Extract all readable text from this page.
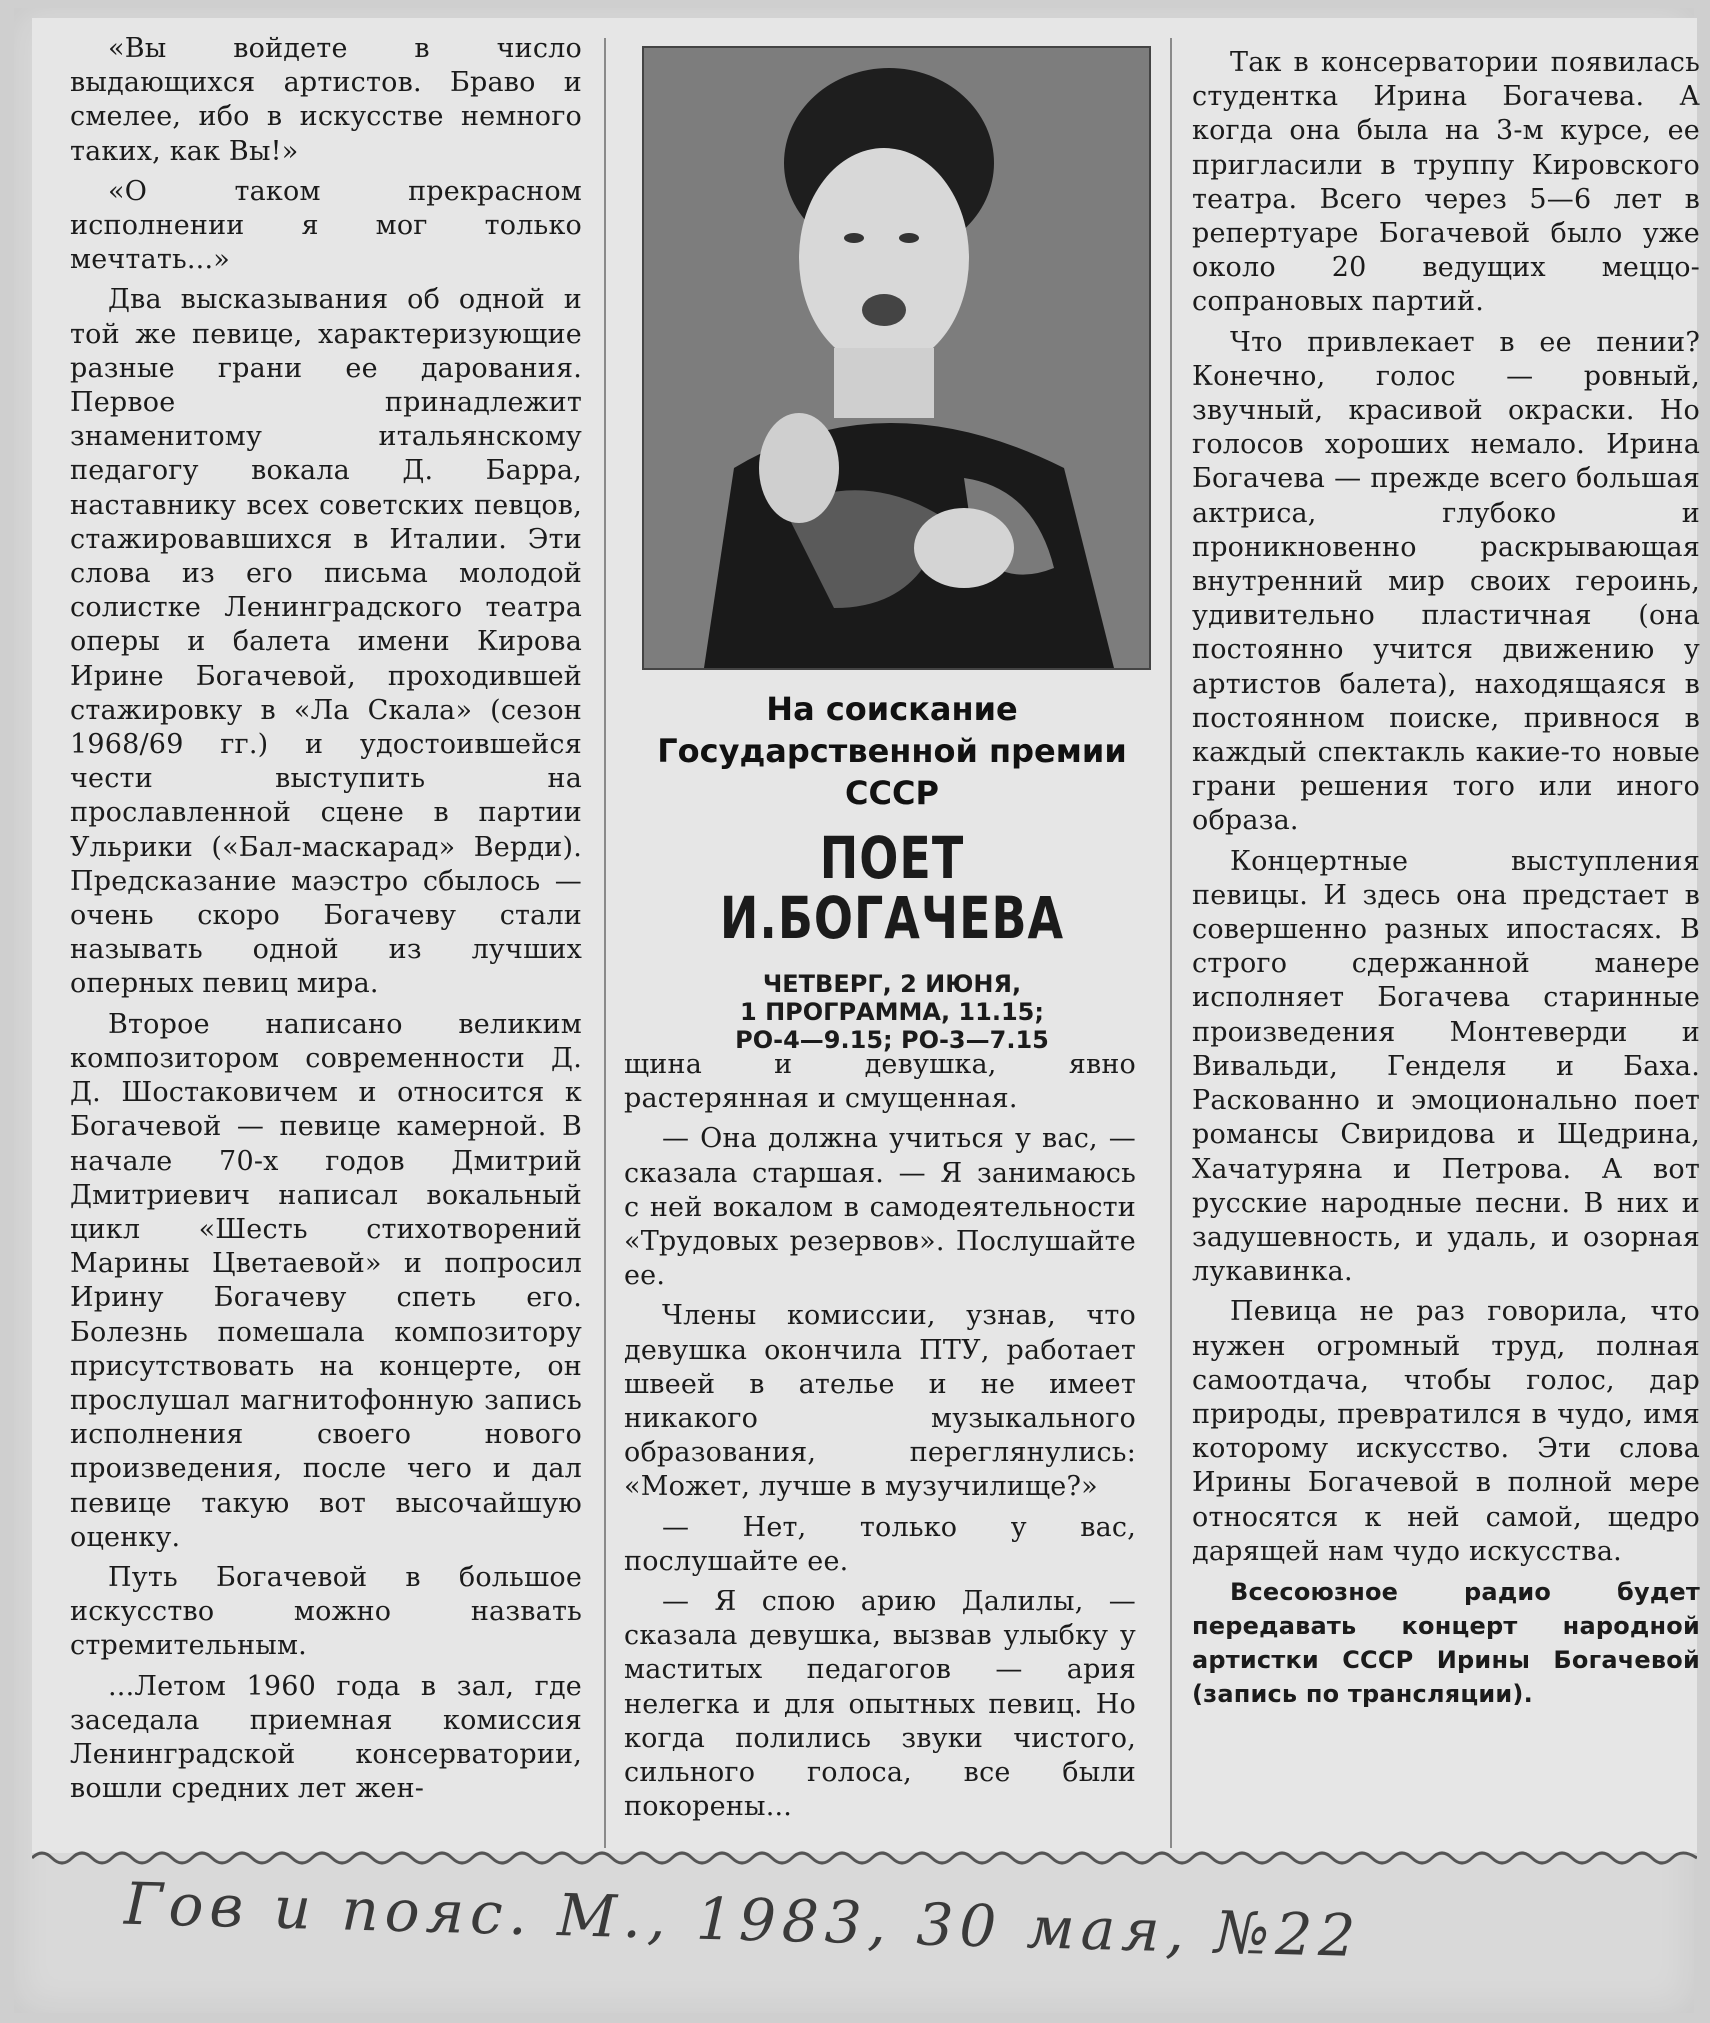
«Вы войдете в число выдающихся артистов. Браво и смелее, ибо в искусстве немного таких, как Вы!»

«О таком прекрасном исполнении я мог только мечтать...»

Два высказывания об одной и той же певице, характеризующие разные грани ее дарования. Первое принадлежит знаменитому итальянскому педагогу вокала Д. Барра, наставнику всех советских певцов, стажировавшихся в Италии. Эти слова из его письма молодой солистке Ленинградского театра оперы и балета имени Кирова Ирине Богачевой, проходившей стажировку в «Ла Скала» (сезон 1968/69 гг.) и удостоившейся чести выступить на прославленной сцене в партии Ульрики («Бал-маскарад» Верди). Предсказание маэстро сбылось — очень скоро Богачеву стали называть одной из лучших оперных певиц мира.

Второе написано великим композитором современности Д. Д. Шостаковичем и относится к Богачевой — певице камерной. В начале 70-х годов Дмитрий Дмитриевич написал вокальный цикл «Шесть стихотворений Марины Цветаевой» и попросил Ирину Богачеву спеть его. Болезнь помешала композитору присутствовать на концерте, он прослушал магнитофонную запись исполнения своего нового произведения, после чего и дал певице такую вот высочайшую оценку.

Путь Богачевой в большое искусство можно назвать стремительным.

...Летом 1960 года в зал, где заседала приемная комиссия Ленинградской консерватории, вошли средних лет жен-

На соискание Государственной премии СССР
ПОЕТ
И.БОГАЧЕВА
ЧЕТВЕРГ, 2 ИЮНЯ,
1 ПРОГРАММА, 11.15;
РО-4—9.15; РО-3—7.15

щина и девушка, явно растерянная и смущенная.

— Она должна учиться у вас, — сказала старшая. — Я занимаюсь с ней вокалом в самодеятельности «Трудовых резервов». Послушайте ее.

Члены комиссии, узнав, что девушка окончила ПТУ, работает швеей в ателье и не имеет никакого музыкального образования, переглянулись: «Может, лучше в музучилище?»

— Нет, только у вас, послушайте ее.

— Я спою арию Далилы, — сказала девушка, вызвав улыбку у маститых педагогов — ария нелегка и для опытных певиц. Но когда полились звуки чистого, сильного голоса, все были покорены...

Так в консерватории появилась студентка Ирина Богачева. А когда она была на 3-м курсе, ее пригласили в труппу Кировского театра. Всего через 5—6 лет в репертуаре Богачевой было уже около 20 ведущих меццо-сопрановых партий.

Что привлекает в ее пении? Конечно, голос — ровный, звучный, красивой окраски. Но голосов хороших немало. Ирина Богачева — прежде всего большая актриса, глубоко и проникновенно раскрывающая внутренний мир своих героинь, удивительно пластичная (она постоянно учится движению у артистов балета), находящаяся в постоянном поиске, привнося в каждый спектакль какие-то новые грани решения того или иного образа.

Концертные выступления певицы. И здесь она предстает в совершенно разных ипостасях. В строго сдержанной манере исполняет Богачева старинные произведения Монтеверди и Вивальди, Генделя и Баха. Раскованно и эмоционально поет романсы Свиридова и Щедрина, Хачатуряна и Петрова. А вот русские народные песни. В них и задушевность, и удаль, и озорная лукавинка.

Певица не раз говорила, что нужен огромный труд, полная самоотдача, чтобы голос, дар природы, превратился в чудо, имя которому искусство. Эти слова Ирины Богачевой в полной мере относятся к ней самой, щедро дарящей нам чудо искусства.

Всесоюзное радио будет передавать концерт народной артистки СССР Ирины Богачевой (запись по трансляции).

Гов и пояс. М., 1983, 30 мая, №22
